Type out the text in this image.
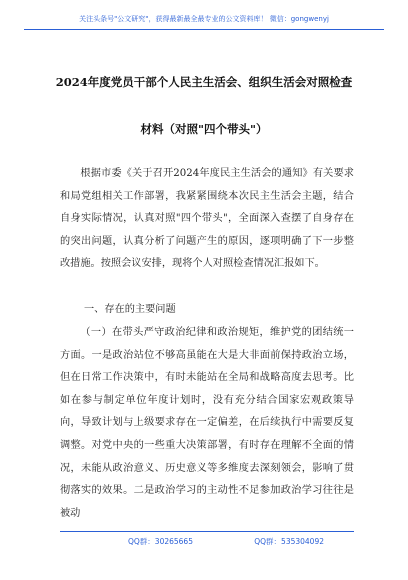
关注头条号"公文研究"，获得最新最全最专业的公文资料库！ 微信：gongwenyj
2024年度党员干部个人民主生活会、组织生活会对照检查
材料（对照"四个带头"）

根据市委《关于召开2024年度民主生活会的通知》有关要求和局党组相关工作部署，我紧紧围绕本次民主生活会主题，结合自身实际情况，认真对照"四个带头"，全面深入查摆了自身存在的突出问题，认真分析了问题产生的原因，逐项明确了下一步整改措施。按照会议安排，现将个人对照检查情况汇报如下。

一、存在的主要问题

（一）在带头严守政治纪律和政治规矩，维护党的团结统一方面。一是政治站位不够高虽能在大是大非面前保持政治立场，但在日常工作决策中，有时未能站在全局和战略高度去思考。比如在参与制定单位年度计划时，没有充分结合国家宏观政策导向，导致计划与上级要求存在一定偏差，在后续执行中需要反复调整。对党中央的一些重大决策部署，有时存在理解不全面的情况，未能从政治意义、历史意义等多维度去深刻领会，影响了贯彻落实的效果。二是政治学习的主动性不足参加政治学习往往是被动

QQ群：30265665	QQ群：535304092
